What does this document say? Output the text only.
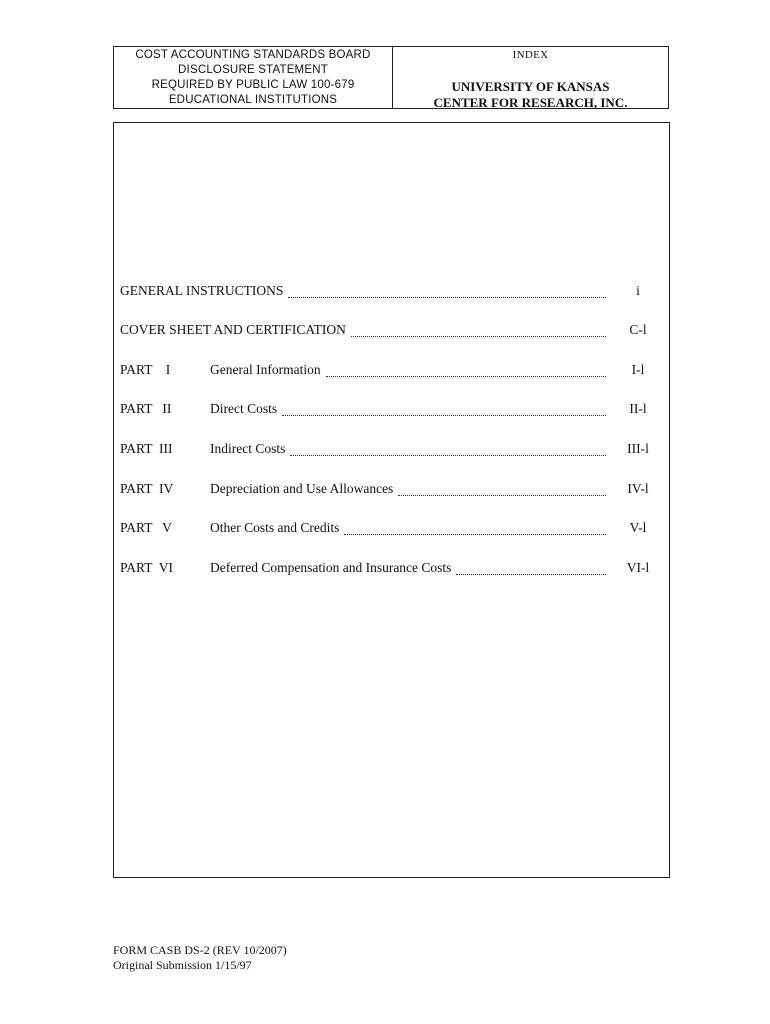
COST ACCOUNTING STANDARDS BOARD
DISCLOSURE STATEMENT
REQUIRED BY PUBLIC LAW 100-679
EDUCATIONAL INSTITUTIONS
INDEX
UNIVERSITY OF KANSAS
CENTER FOR RESEARCH, INC.
GENERAL INSTRUCTIONS	i
COVER SHEET AND CERTIFICATION	C-l
PART    I	General Information	I-l
PART   II	Direct Costs	II-l
PART  III	Indirect Costs	III-l
PART  IV	Depreciation and Use Allowances	IV-l
PART   V	Other Costs and Credits	V-l
PART  VI	Deferred Compensation and Insurance Costs	VI-l
FORM CASB DS-2 (REV 10/2007)
Original Submission 1/15/97
